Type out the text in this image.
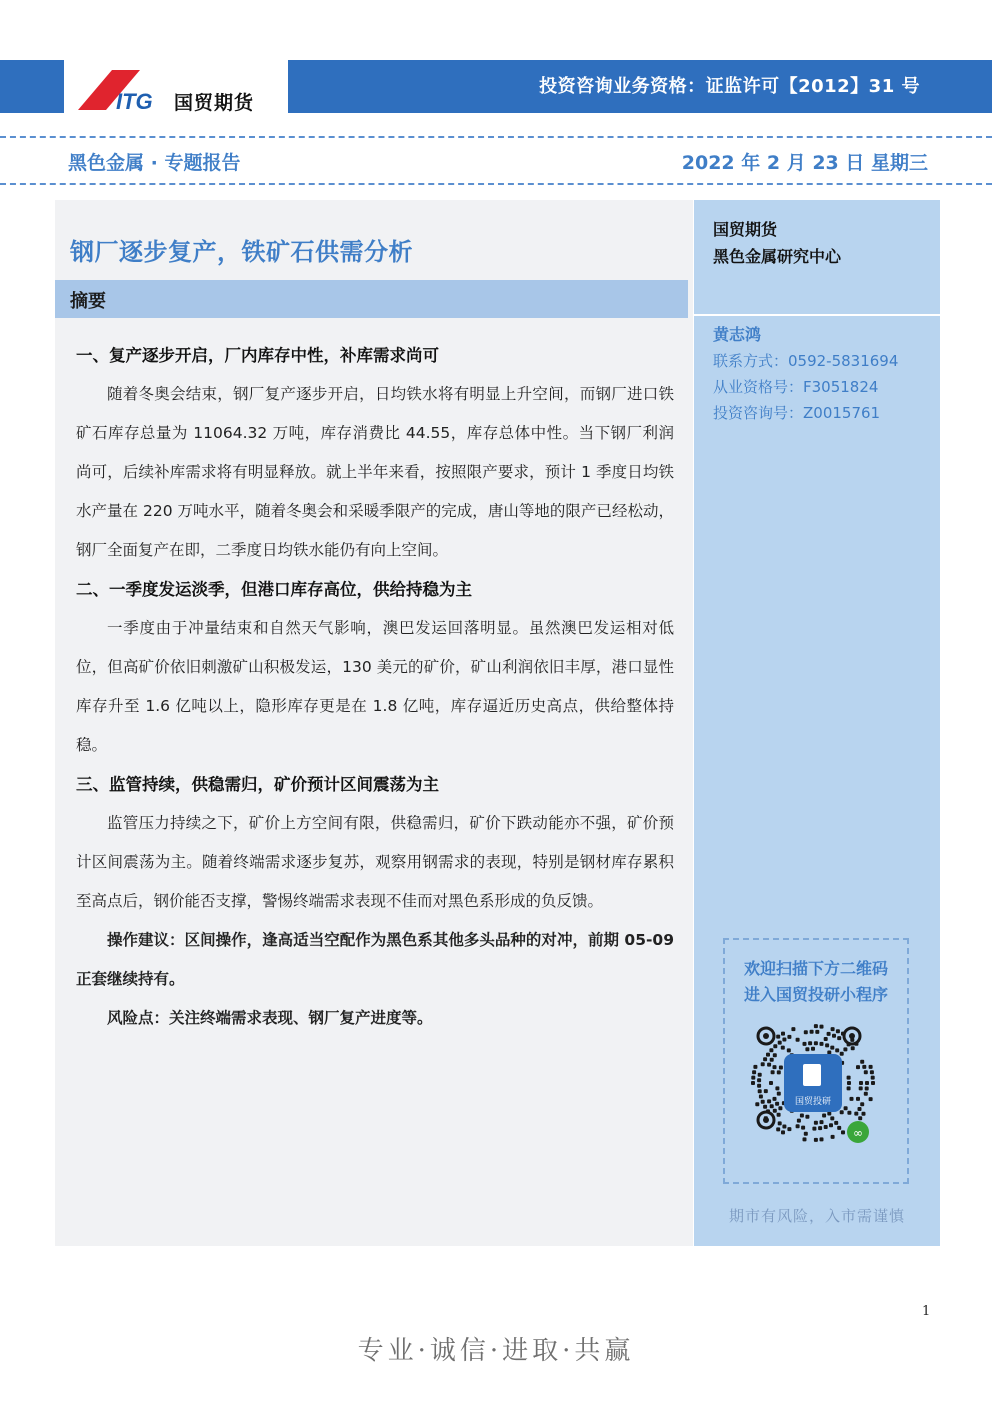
投资咨询业务资格：证监许可【2012】31 号
ITG 国贸期货
黑色金属 · 专题报告	2022 年 2 月 23 日 星期三
钢厂逐步复产，铁矿石供需分析
摘要
一、复产逐步开启，厂内库存中性，补库需求尚可
随着冬奥会结束，钢厂复产逐步开启，日均铁水将有明显上升空间，而钢厂进口铁矿石库存总量为 11064.32 万吨，库存消费比 44.55，库存总体中性。当下钢厂利润尚可，后续补库需求将有明显释放。就上半年来看，按照限产要求，预计 1 季度日均铁水产量在 220 万吨水平，随着冬奥会和采暖季限产的完成，唐山等地的限产已经松动，钢厂全面复产在即，二季度日均铁水能仍有向上空间。
二、一季度发运淡季，但港口库存高位，供给持稳为主
一季度由于冲量结束和自然天气影响，澳巴发运回落明显。虽然澳巴发运相对低位，但高矿价依旧刺激矿山积极发运，130 美元的矿价，矿山利润依旧丰厚，港口显性库存升至 1.6 亿吨以上，隐形库存更是在 1.8 亿吨，库存逼近历史高点，供给整体持稳。
三、监管持续，供稳需归，矿价预计区间震荡为主
监管压力持续之下，矿价上方空间有限，供稳需归，矿价下跌动能亦不强，矿价预计区间震荡为主。随着终端需求逐步复苏，观察用钢需求的表现，特别是钢材库存累积至高点后，钢价能否支撑，警惕终端需求表现不佳而对黑色系形成的负反馈。
操作建议：区间操作，逢高适当空配作为黑色系其他多头品种的对冲，前期 05-09 正套继续持有。
风险点：关注终端需求表现、钢厂复产进度等。
国贸期货
黑色金属研究中心
黄志鸿
联系方式：0592-5831694
从业资格号：F3051824
投资咨询号：Z0015761
欢迎扫描下方二维码
进入国贸投研小程序
国贸投研
∞
期市有风险，入市需谨慎
1
专业·诚信·进取·共赢
